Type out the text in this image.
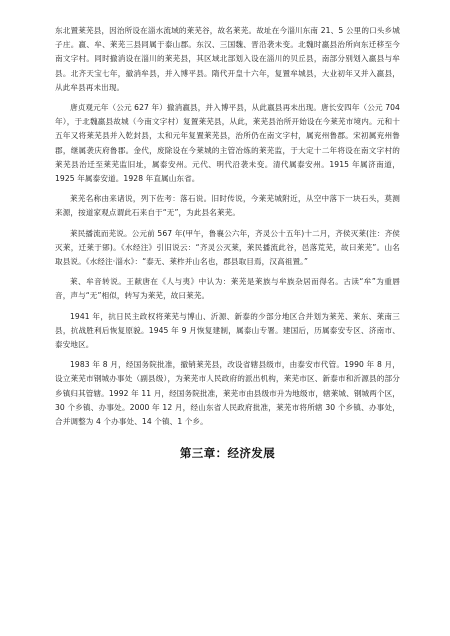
东北置莱芜县，因治所设在淄水流域的莱芜谷，故名莱芜。故址在今淄川东南 21、5 公里的口头乡城子庄。嬴、牟、莱芜三县同属于泰山郡。东汉、三国魏、晋沿袭未变。北魏时嬴县治所向东迁移至今南文字村。同时撤消设在淄川的莱芜县，其区域北部划入设在淄川的贝丘县，南部分别划入嬴县与牟县。北齐天宝七年，撤消牟县，并入博平县。隋代开皇十六年，复置牟城县，大业初年又并入嬴县，从此牟县再未出现。

唐贞观元年（公元 627 年）撤消嬴县，并入博平县，从此嬴县再未出现。唐长安四年（公元 704 年），于北魏嬴县故城（今南文字村）复置莱芜县，从此，莱芜县治所开始设在今莱芜市境内。元和十五年又将莱芜县并入乾封县，太和元年复置莱芜县，治所仍在南文字村，属兖州鲁郡。宋初属兖州鲁郡，继属袭庆府鲁郡。金代，废除设在今莱城的主管冶炼的莱芜监，于大定十二年将设在南文字村的莱芜县治迁至莱芜监旧址，属泰安州。元代、明代沿袭未变。清代属泰安州。1915 年属济南道，1925 年属泰安道。1928 年直属山东省。

莱芜名称由来诸说，列下佐考：落石说。旧时传说，今莱芜城附近，从空中落下一块石头，莫测来源，按道家观点谓此石来自于“无”，为此县名莱芜。

莱民播流而芜说。公元前 567 年(甲午，鲁襄公六年，齐灵公十五年)十二月，齐侯灭莱(注：齐侯灭莱，迁莱于郳)。《水经注》引旧说云：“齐灵公灭莱，莱民播流此谷，邑落荒芜，故曰莱芜”。山名取县说。《水经注·淄水》：“泰无、莱柞并山名也，郡县取目焉，汉高祖置。”

莱、牟音转说。王献唐在《人与夷》中认为：莱芜是莱族与牟族杂居而得名。古读“牟”为重唇音，声与“无”相似，转写为莱芜，故曰莱芜。

1941 年，抗日民主政权将莱芜与博山、沂源、新泰的少部分地区合并划为莱芜、莱东、莱南三县，抗战胜利后恢复原貌。1945 年 9 月恢复建制，属泰山专署。建国后，历属泰安专区、济南市、泰安地区。

1983 年 8 月，经国务院批准，撤销莱芜县，改设省辖县级市，由泰安市代管。1990 年 8 月，设立莱芜市钢城办事处（副县级），为莱芜市人民政府的派出机构，莱芜市区、新泰市和沂源县的部分乡镇归其管辖。1992 年 11 月，经国务院批准，莱芜市由县级市升为地级市，辖莱城、钢城两个区，30 个乡镇、办事处。2000 年 12 月，经山东省人民政府批准，莱芜市将所辖 30 个乡镇、办事处，合并调整为 4 个办事处、14 个镇、1 个乡。

第三章：经济发展
